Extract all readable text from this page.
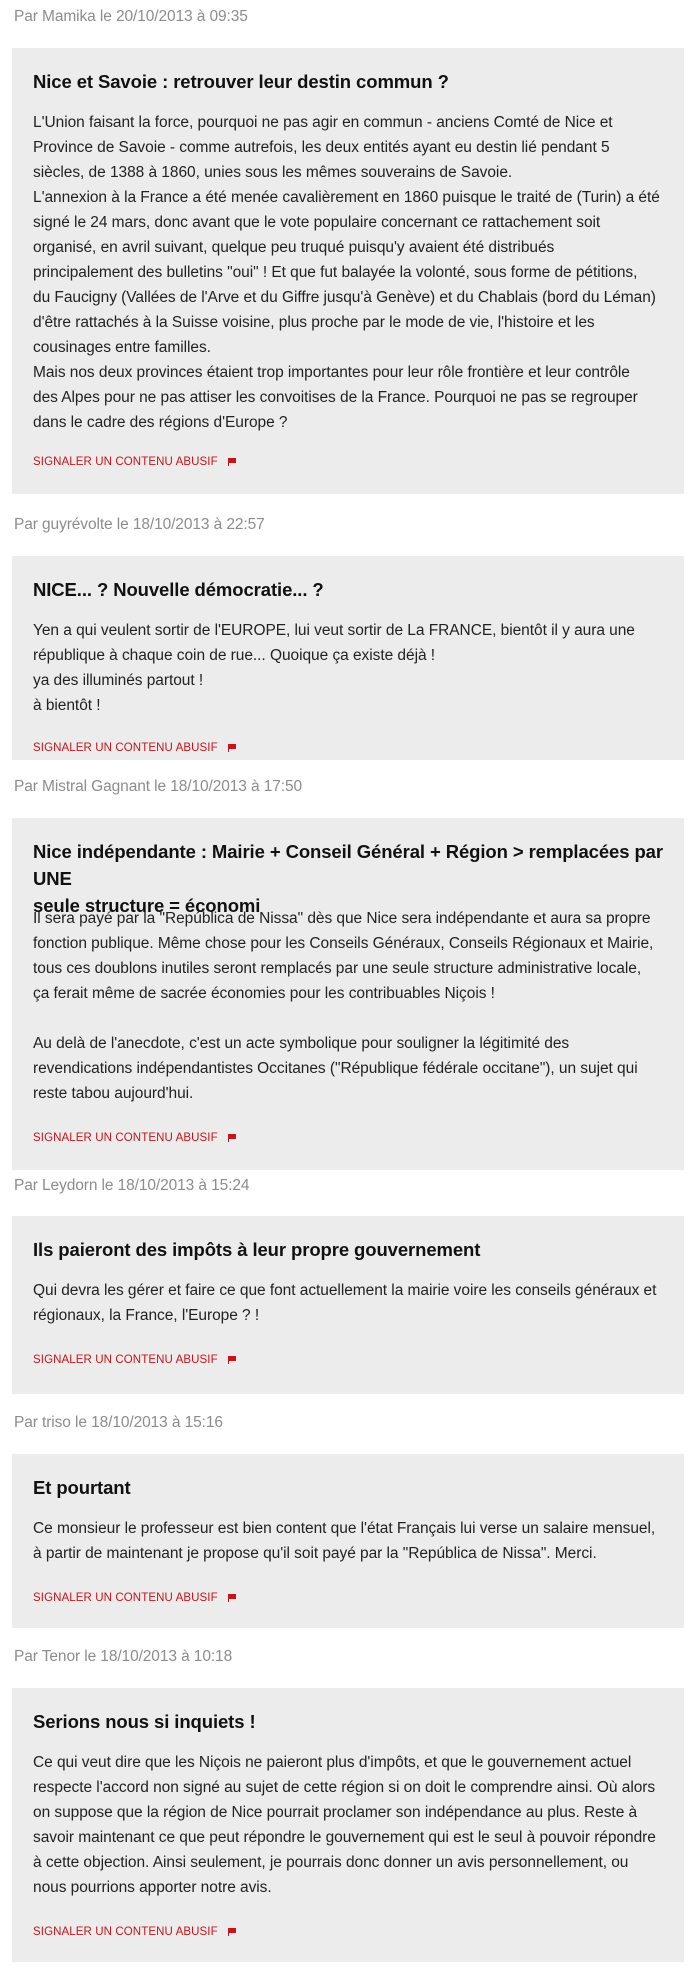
Par Mamika le 20/10/2013 à 09:35
Nice et Savoie : retrouver leur destin commun ?
L'Union faisant la force, pourquoi ne pas agir en commun - anciens Comté de Nice et
Province de Savoie - comme autrefois, les deux entités ayant eu destin lié pendant 5
siècles, de 1388 à 1860, unies sous les mêmes souverains de Savoie.
L'annexion à la France a été menée cavalièrement en 1860 puisque le traité de (Turin) a été
signé le 24 mars, donc avant que le vote populaire concernant ce rattachement soit
organisé, en avril suivant, quelque peu truqué puisqu'y avaient été distribués
principalement des bulletins "oui" ! Et que fut balayée la volonté, sous forme de pétitions,
du Faucigny (Vallées de l'Arve et du Giffre jusqu'à Genève) et du Chablais (bord du Léman)
d'être rattachés à la Suisse voisine, plus proche par le mode de vie, l'histoire et les
cousinages entre familles.
Mais nos deux provinces étaient trop importantes pour leur rôle frontière et leur contrôle
des Alpes pour ne pas attiser les convoitises de la France. Pourquoi ne pas se regrouper
dans le cadre des régions d'Europe ?
SIGNALER UN CONTENU ABUSIF
Par guyrévolte le 18/10/2013 à 22:57
NICE... ? Nouvelle démocratie... ?
Yen a qui veulent sortir de l'EUROPE, lui veut sortir de La FRANCE, bientôt il y aura une
république à chaque coin de rue... Quoique ça existe déjà !
ya des illuminés partout !
à bientôt !
SIGNALER UN CONTENU ABUSIF
Par Mistral Gagnant le 18/10/2013 à 17:50
Nice indépendante : Mairie + Conseil Général + Région > remplacées par UNE
seule structure = économi
Il sera payé par la "República de Nissa" dès que Nice sera indépendante et aura sa propre
fonction publique. Même chose pour les Conseils Généraux, Conseils Régionaux et Mairie,
tous ces doublons inutiles seront remplacés par une seule structure administrative locale,
ça ferait même de sacrée économies pour les contribuables Niçois !

Au delà de l'anecdote, c'est un acte symbolique pour souligner la légitimité des
revendications indépendantistes Occitanes ("République fédérale occitane"), un sujet qui
reste tabou aujourd'hui.
SIGNALER UN CONTENU ABUSIF
Par Leydorn le 18/10/2013 à 15:24
Ils paieront des impôts à leur propre gouvernement
Qui devra les gérer et faire ce que font actuellement la mairie voire les conseils généraux et
régionaux, la France, l'Europe ? !
SIGNALER UN CONTENU ABUSIF
Par triso le 18/10/2013 à 15:16
Et pourtant
Ce monsieur le professeur est bien content que l'état Français lui verse un salaire mensuel,
à partir de maintenant je propose qu'il soit payé par la "República de Nissa". Merci.
SIGNALER UN CONTENU ABUSIF
Par Tenor le 18/10/2013 à 10:18
Serions nous si inquiets !
Ce qui veut dire que les Niçois ne paieront plus d'impôts, et que le gouvernement actuel
respecte l'accord non signé au sujet de cette région si on doit le comprendre ainsi. Où alors
on suppose que la région de Nice pourrait proclamer son indépendance au plus. Reste à
savoir maintenant ce que peut répondre le gouvernement qui est le seul à pouvoir répondre
à cette objection. Ainsi seulement, je pourrais donc donner un avis personnellement, ou
nous pourrions apporter notre avis.
SIGNALER UN CONTENU ABUSIF
